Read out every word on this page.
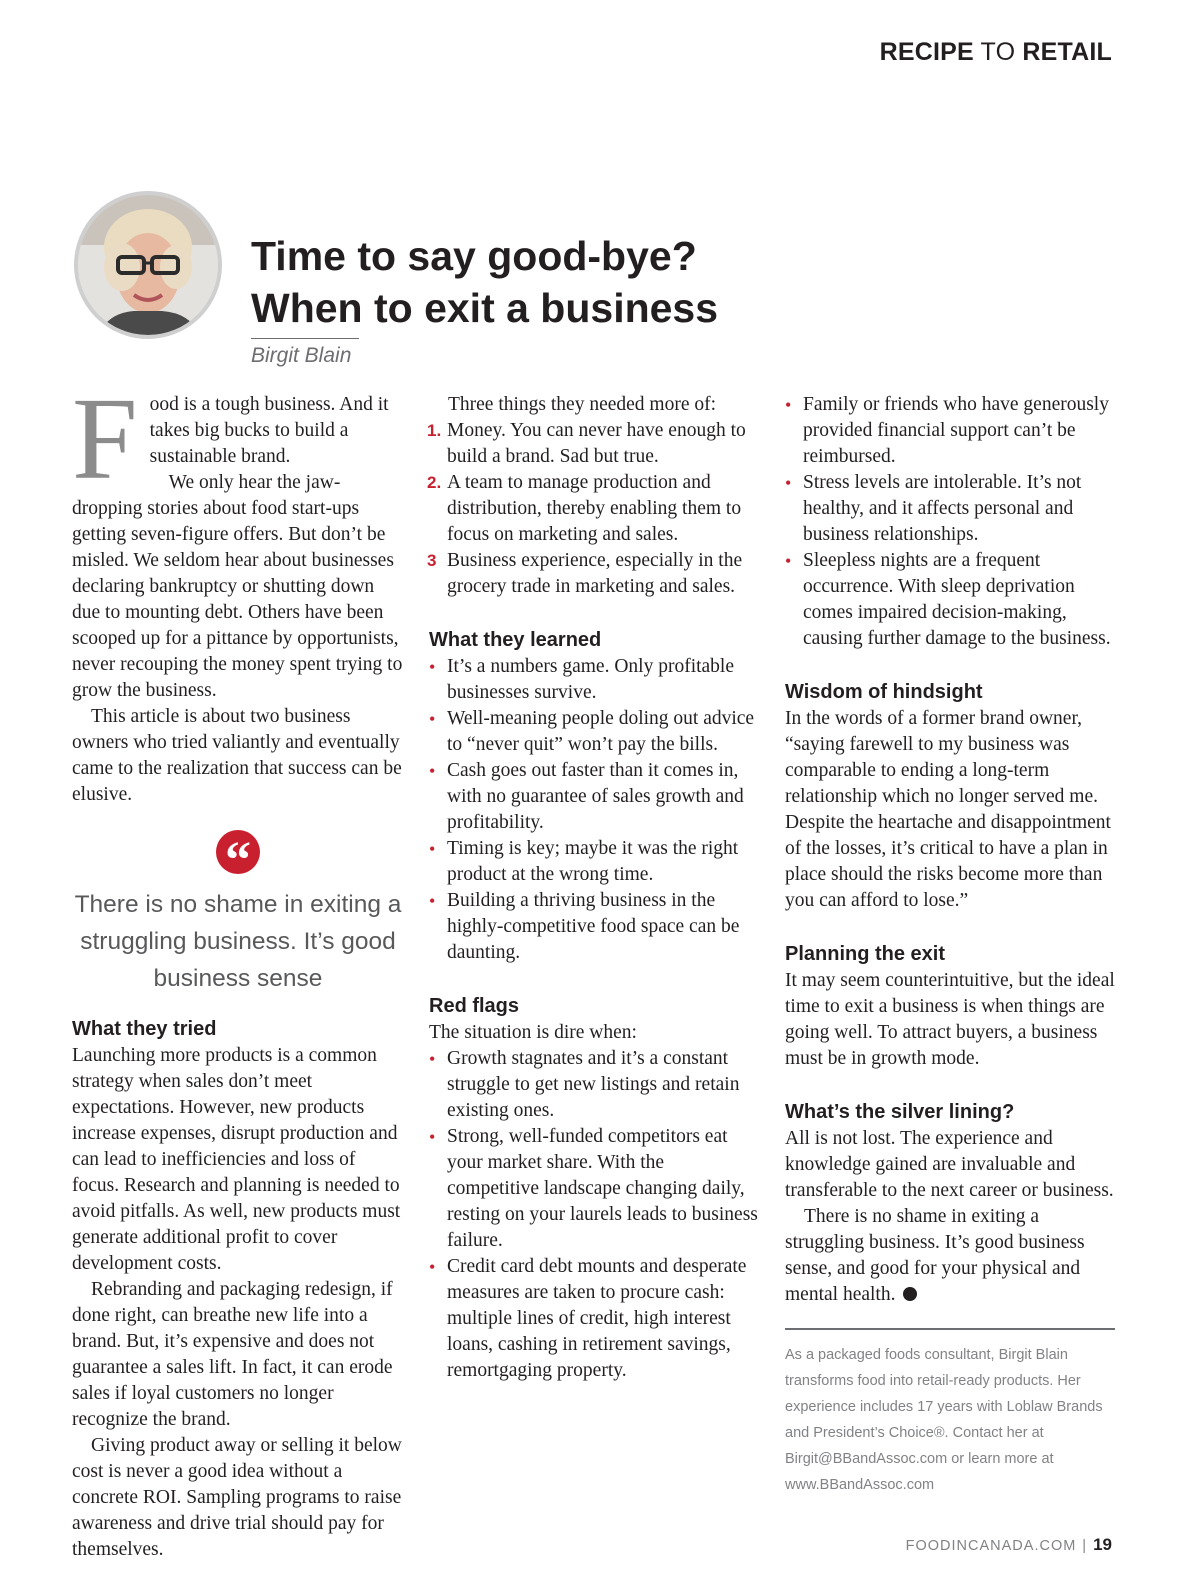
RECIPE TO RETAIL
Time to say good-bye?
When to exit a business
Birgit Blain

Food is a tough business. And it takes big bucks to build a sustainable brand.

We only hear the jaw-dropping stories about food start-ups getting seven-figure offers. But don’t be misled. We seldom hear about businesses declaring bankruptcy or shutting down due to mounting debt. Others have been scooped up for a pittance by opportunists, never recouping the money spent trying to grow the business.

This article is about two business owners who tried valiantly and eventually came to the realization that success can be elusive.

“
There is no shame in exiting a struggling business. It’s good business sense
What they tried

Launching more products is a common strategy when sales don’t meet expectations. However, new products increase expenses, disrupt production and can lead to inefficiencies and loss of focus. Research and planning is needed to avoid pitfalls. As well, new products must generate additional profit to cover development costs.

Rebranding and packaging redesign, if done right, can breathe new life into a brand. But, it’s expensive and does not guarantee a sales lift. In fact, it can erode sales if loyal customers no longer recognize the brand.

Giving product away or selling it below cost is never a good idea without a concrete ROI. Sampling programs to raise awareness and drive trial should pay for themselves.

Three things they needed more of:

1. Money. You can never have enough to build a brand. Sad but true.
2. A team to manage production and distribution, thereby enabling them to focus on marketing and sales.
3 Business experience, especially in the grocery trade in marketing and sales.
What they learned
• It’s a numbers game. Only profitable businesses survive.
• Well-meaning people doling out advice to “never quit” won’t pay the bills.
• Cash goes out faster than it comes in, with no guarantee of sales growth and profitability.
• Timing is key; maybe it was the right product at the wrong time.
• Building a thriving business in the highly-competitive food space can be daunting.
Red flags

The situation is dire when:

• Growth stagnates and it’s a constant struggle to get new listings and retain existing ones.
• Strong, well-funded competitors eat your market share. With the competitive landscape changing daily, resting on your laurels leads to business failure.
• Credit card debt mounts and desperate measures are taken to procure cash: multiple lines of credit, high interest loans, cashing in retirement savings, remortgaging property.
• Family or friends who have generously provided financial support can’t be reimbursed.
• Stress levels are intolerable. It’s not healthy, and it affects personal and business relationships.
• Sleepless nights are a frequent occurrence. With sleep deprivation comes impaired decision-making, causing further damage to the business.
Wisdom of hindsight

In the words of a former brand owner, “saying farewell to my business was comparable to ending a long-term relationship which no longer served me. Despite the heartache and disappointment of the losses, it’s critical to have a plan in place should the risks become more than you can afford to lose.”

Planning the exit

It may seem counterintuitive, but the ideal time to exit a business is when things are going well. To attract buyers, a business must be in growth mode.

What’s the silver lining?

All is not lost. The experience and knowledge gained are invaluable and transferable to the next career or business.

There is no shame in exiting a struggling business. It’s good business sense, and good for your physical and mental health.

As a packaged foods consultant, Birgit Blain transforms food into retail-ready products. Her experience includes 17 years with Loblaw Brands and President’s Choice®. Contact her at Birgit@BBandAssoc.com or learn more at www.BBandAssoc.com

FOODINCANADA.COM | 19
